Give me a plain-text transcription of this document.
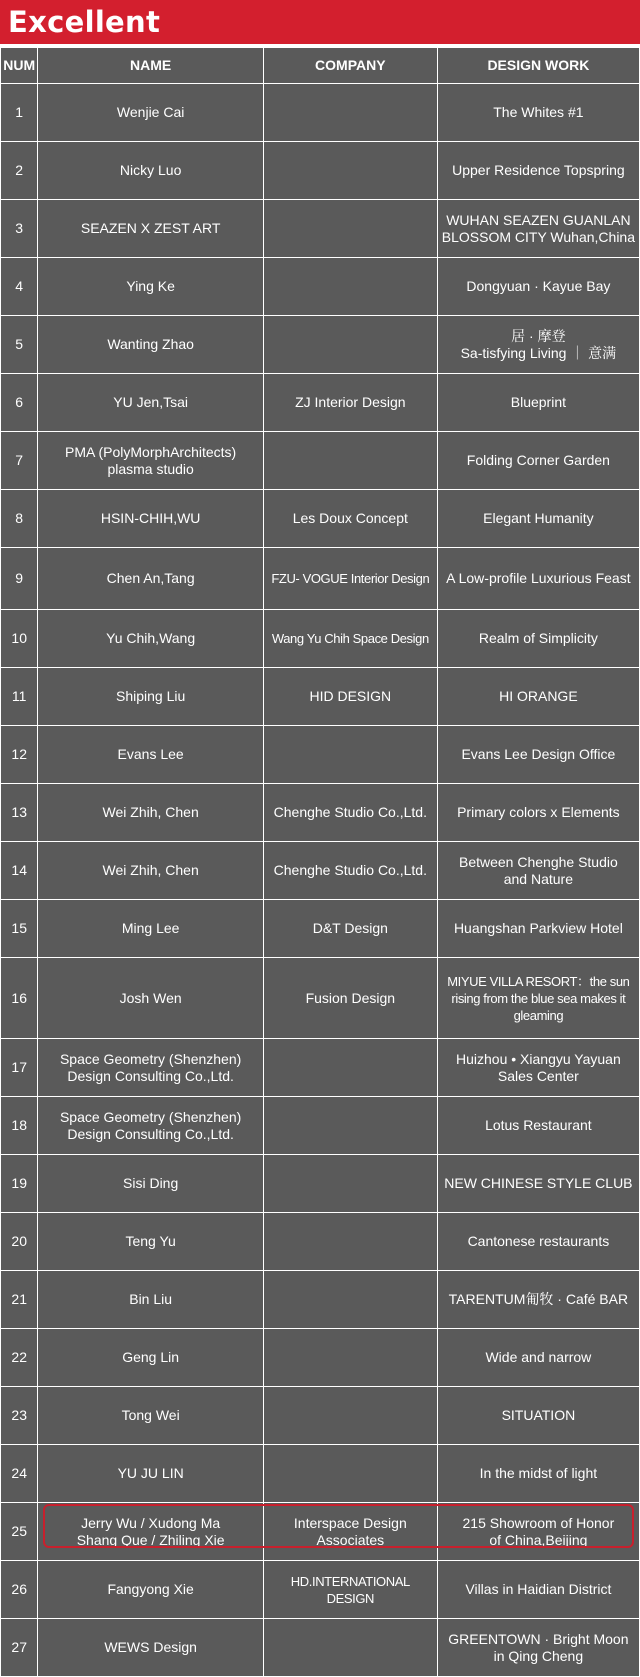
Excellent
NUM	NAME	COMPANY	DESIGN WORK
1	Wenjie Cai		The Whites #1
2	Nicky Luo		Upper Residence Topspring
3	SEAZEN X ZEST ART		WUHAN SEAZEN GUANLAN
BLOSSOM CITY Wuhan,China
4	Ying Ke		Dongyuan · Kayue Bay
5	Wanting Zhao		居 · 摩登
Sa-tisfying Living ｜ 意满
6	YU Jen,Tsai	ZJ Interior Design	Blueprint
7	PMA (PolyMorphArchitects)
plasma studio		Folding Corner Garden
8	HSIN-CHIH,WU	Les Doux Concept	Elegant Humanity
9	Chen An,Tang	FZU- VOGUE Interior Design	A Low-profile Luxurious Feast
10	Yu Chih,Wang	Wang Yu Chih Space Design	Realm of Simplicity
11	Shiping Liu	HID DESIGN	HI ORANGE
12	Evans Lee		Evans Lee Design Office
13	Wei Zhih, Chen	Chenghe Studio Co.,Ltd.	Primary colors x Elements
14	Wei Zhih, Chen	Chenghe Studio Co.,Ltd.	Between Chenghe Studio
and Nature
15	Ming Lee	D&T Design	Huangshan Parkview Hotel
16	Josh Wen	Fusion Design	MIYUE VILLA RESORT：the sun
rising from the blue sea makes it
gleaming
17	Space Geometry (Shenzhen)
Design Consulting Co.,Ltd.		Huizhou • Xiangyu Yayuan
Sales Center
18	Space Geometry (Shenzhen)
Design Consulting Co.,Ltd.		Lotus Restaurant
19	Sisi Ding		NEW CHINESE STYLE CLUB
20	Teng Yu		Cantonese restaurants
21	Bin Liu		TARENTUM匍牧 · Café BAR
22	Geng Lin		Wide and narrow
23	Tong Wei		SITUATION
24	YU JU LIN		In the midst of light
25	Jerry Wu / Xudong Ma
Shang Que / Zhiling Xie	Interspace Design
Associates	215 Showroom of Honor
of China,Beijing
26	Fangyong Xie	HD.INTERNATIONAL DESIGN	Villas in Haidian District
27	WEWS Design		GREENTOWN · Bright Moon
in Qing Cheng
